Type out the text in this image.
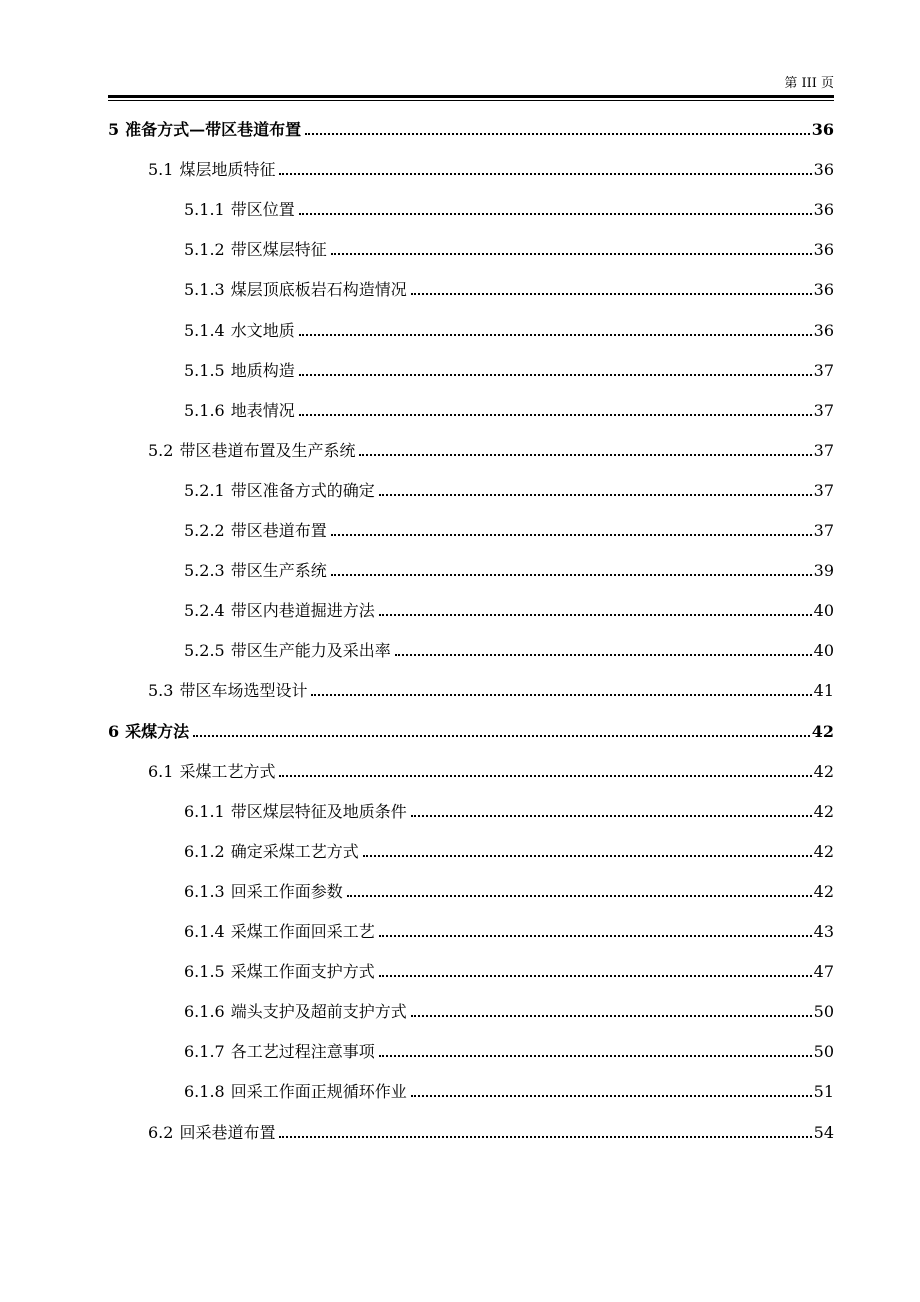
第 III 页
5 准备方式—带区巷道布置	36
5.1 煤层地质特征	36
5.1.1 带区位置	36
5.1.2 带区煤层特征	36
5.1.3 煤层顶底板岩石构造情况	36
5.1.4 水文地质	36
5.1.5 地质构造	37
5.1.6 地表情况	37
5.2 带区巷道布置及生产系统	37
5.2.1 带区准备方式的确定	37
5.2.2 带区巷道布置	37
5.2.3 带区生产系统	39
5.2.4 带区内巷道掘进方法	40
5.2.5 带区生产能力及采出率	40
5.3 带区车场选型设计	41
6 采煤方法	42
6.1 采煤工艺方式	42
6.1.1 带区煤层特征及地质条件	42
6.1.2 确定采煤工艺方式	42
6.1.3 回采工作面参数	42
6.1.4 采煤工作面回采工艺	43
6.1.5 采煤工作面支护方式	47
6.1.6 端头支护及超前支护方式	50
6.1.7 各工艺过程注意事项	50
6.1.8 回采工作面正规循环作业	51
6.2 回采巷道布置	54
